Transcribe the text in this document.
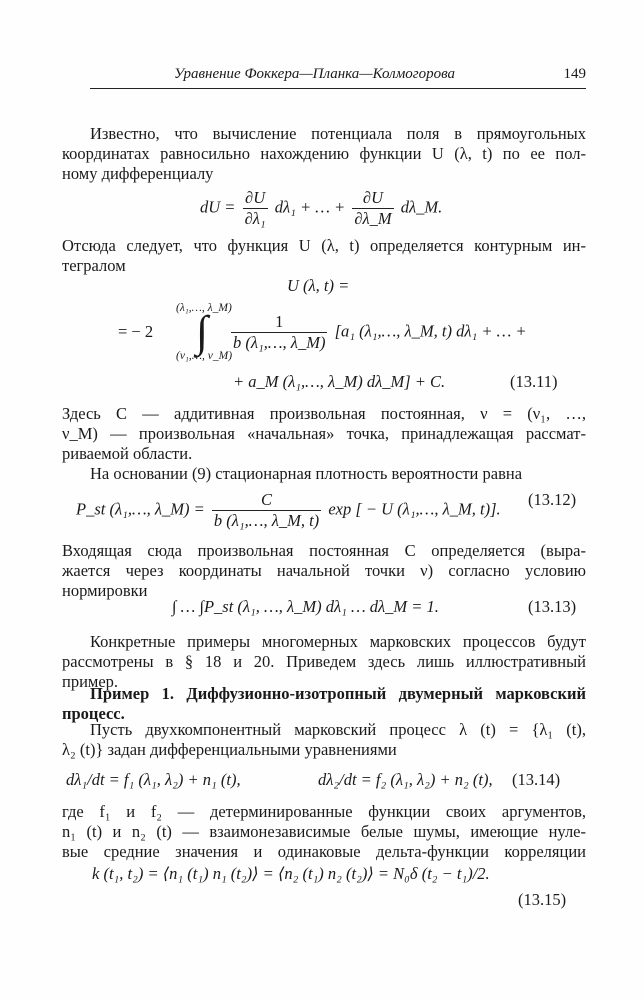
Уравнение Фоккера—Планка—Колмогорова	149
Известно, что вычисление потенциала поля в прямоугольных
координатах равносильно нахождению функции U (λ, t) по ее пол-
ному дифференциалу
dU = $\frac{\partial U}{\text{∂λ₁}} d\lambda_1$ + … + $\frac{\partial U}{\partial\lambda\_M}$ dλ_M.
Отсюда следует, что функция U (λ, t) определяется контурным ин-
тегралом
U (λ, t) =
(λ₁,…, λ_M)
∫
(ν₁,…, ν_M)
= − 2	$\frac{1}{\text{b (λ₁,…, λ\_M)}} [a_1$ (λ₁,…, λ_M, t) dλ₁ + … +
+ a_M (λ₁,…, λ_M) dλ_M] + C.	(13.11)
Здесь C — аддитивная произвольная постоянная, ν = (ν₁, …,
ν_M) — произвольная «начальная» точка, принадлежащая рассмат-
риваемой области.
На основании (9) стационарная плотность вероятности равна
P_st (λ₁,…, λ_M) = $\frac{C}{\text{b (λ₁,…, λ\_M, t)}}$ exp [ − U (λ₁,…, λ_M, t)]. (13.12)
Входящая сюда произвольная постоянная C определяется (выра-
жается через координаты начальной точки ν) согласно условию
нормировки
∫ … ∫P_st (λ₁, …, λ_M) dλ₁ … dλ_M = 1.	(13.13)
Конкретные примеры многомерных марковских процессов будут
рассмотрены в § 18 и 20. Приведем здесь лишь иллюстративный
пример.
Пример 1. Диффузионно-изотропный двумерный марковский
процесс.
Пусть двухкомпонентный марковский процесс λ (t) = {λ₁ (t),
λ₂ (t)} задан дифференциальными уравнениями
dλ₁/dt = f₁ (λ₁, λ₂) + n₁ (t),	dλ₂/dt = f₂ (λ₁, λ₂) + n₂ (t), (13.14)
где f₁ и f₂ — детерминированные функции своих аргументов,
n₁ (t) и n₂ (t) — взаимонезависимые белые шумы, имеющие нуле-
вые средние значения и одинаковые дельта-функции корреляции
k (t₁, t₂) = ⟨n₁ (t₁) n₁ (t₂)⟩ = ⟨n₂ (t₁) n₂ (t₂)⟩ = N₀δ (t₂ − t₁)/2.
(13.15)
